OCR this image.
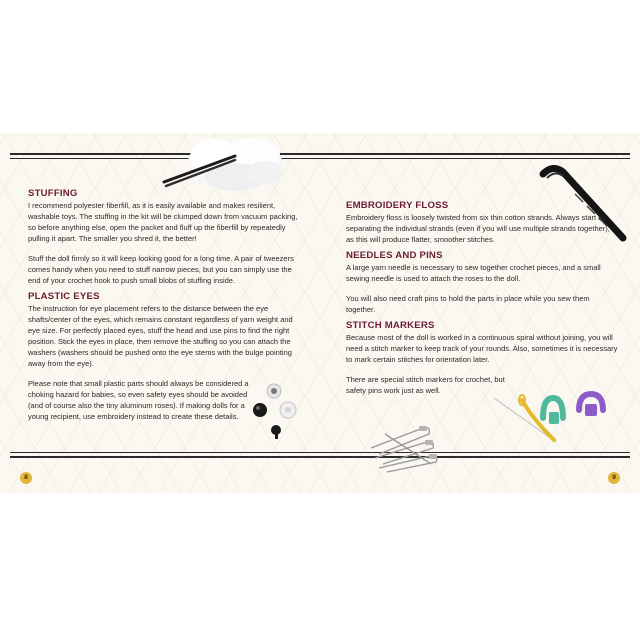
STUFFING
I recommend polyester fiberfill, as it is easily available and makes resilient, washable toys. The stuffing in the kit will be clumped down from vacuum packing, so before anything else, open the packet and fluff up the fiberfill by repeatedly pulling it apart. The smaller you shred it, the better!
Stuff the doll firmly so it will keep looking good for a long time. A pair of tweezers comes handy when you need to stuff narrow pieces, but you can simply use the end of your crochet hook to push small blobs of stuffing inside.
PLASTIC EYES
The instruction for eye placement refers to the distance between the eye shafts/center of the eyes, which remains constant regardless of yarn weight and eye size. For perfectly placed eyes, stuff the head and use pins to find the right position. Stick the eyes in place, then remove the stuffing so you can attach the washers (washers should be pushed onto the eye stems with the bulge pointing away from the eye).
Please note that small plastic parts should always be considered a choking hazard for babies, so even safety eyes should be avoided (and of course also the tiny aluminum roses). If making dolls for a young recipient, use embroidery instead to create these details.
EMBROIDERY FLOSS
Embroidery floss is loosely twisted from six thin cotton strands. Always start by separating the individual strands (even if you will use multiple strands together), as this will produce flatter, smoother stitches.
NEEDLES AND PINS
A large yarn needle is necessary to sew together crochet pieces, and a small sewing needle is used to attach the roses to the doll.
You will also need craft pins to hold the parts in place while you sew them together.
STITCH MARKERS
Because most of the doll is worked in a continuous spiral without joining, you will need a stitch marker to keep track of your rounds. Also, sometimes it is necessary to mark certain stitches for orientation later.
There are special stitch markers for crochet, but safety pins work just as well.
8	9
